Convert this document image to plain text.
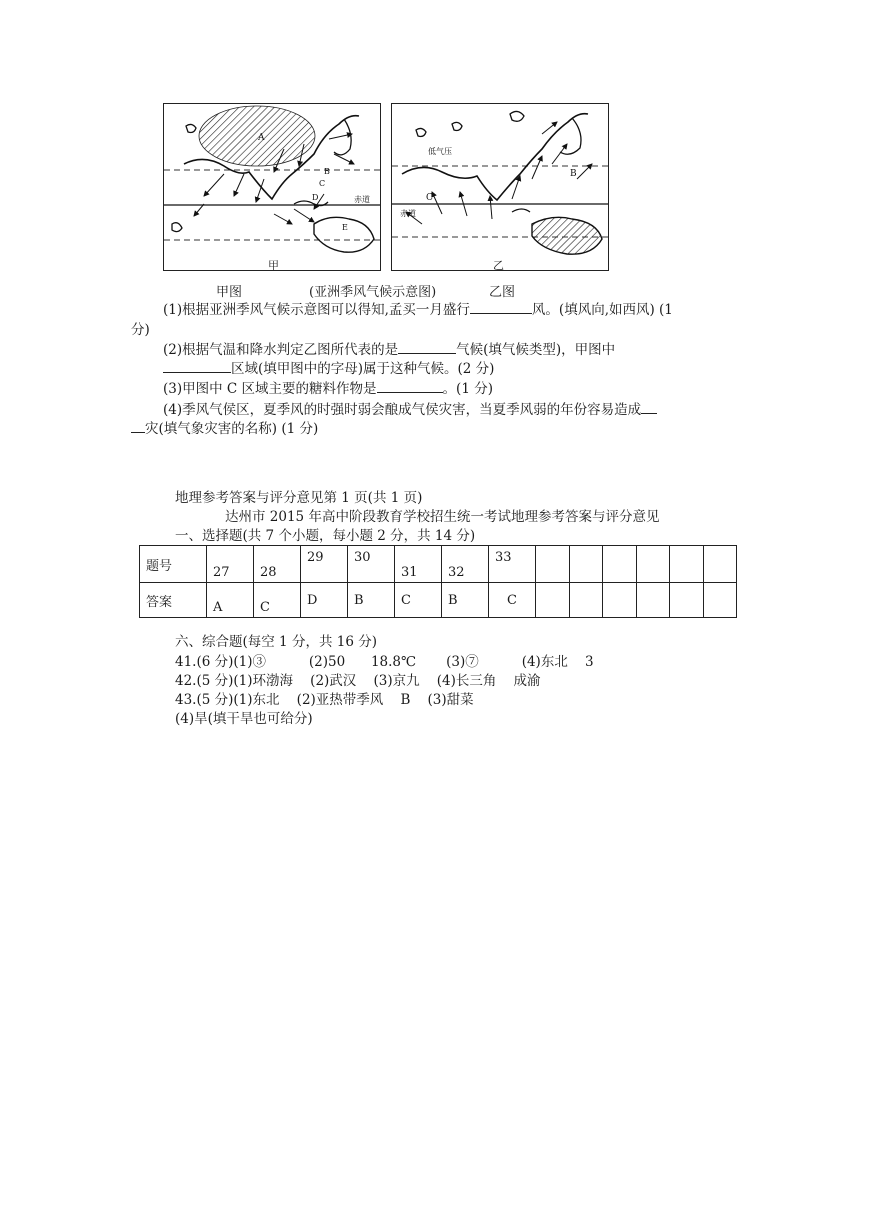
A
B
C
D
E
赤道
低气压
B
C
赤道
甲	乙
甲图	(亚洲季风气候示意图)	乙图
(1)根据亚洲季风气候示意图可以得知,孟买一月盛行	风。(填风向,如西风) (1
分)
(2)根据气温和降水判定乙图所代表的是	气候(填气候类型)，甲图中
区域(填甲图中的字母)属于这种气候。(2 分)
(3)甲图中 C 区域主要的糖料作物是	。(1 分)
(4)季风气侯区，夏季风的时强时弱会酿成气侯灾害，当夏季风弱的年份容易造成
灾(填气象灾害的名称) (1 分)
地理参考答案与评分意见第 1 页(共 1 页)
达州市 2015 年高中阶段教育学校招生统一考试地理参考答案与评分意见
一、选择题(共 7 个小题，每小题 2 分，共 14 分)
题号	27	28	29	30	31	32	33						
答案	A	C	D	B	C	B	C						
六、综合题(每空 1 分，共 16 分)
41.(6 分)(1)③          (2)50      18.8℃       (3)⑦          (4)东北    3
42.(5 分)(1)环渤海    (2)武汉    (3)京九    (4)长三角    成渝
43.(5 分)(1)东北    (2)亚热带季风    B    (3)甜菜
(4)旱(填干旱也可给分)
